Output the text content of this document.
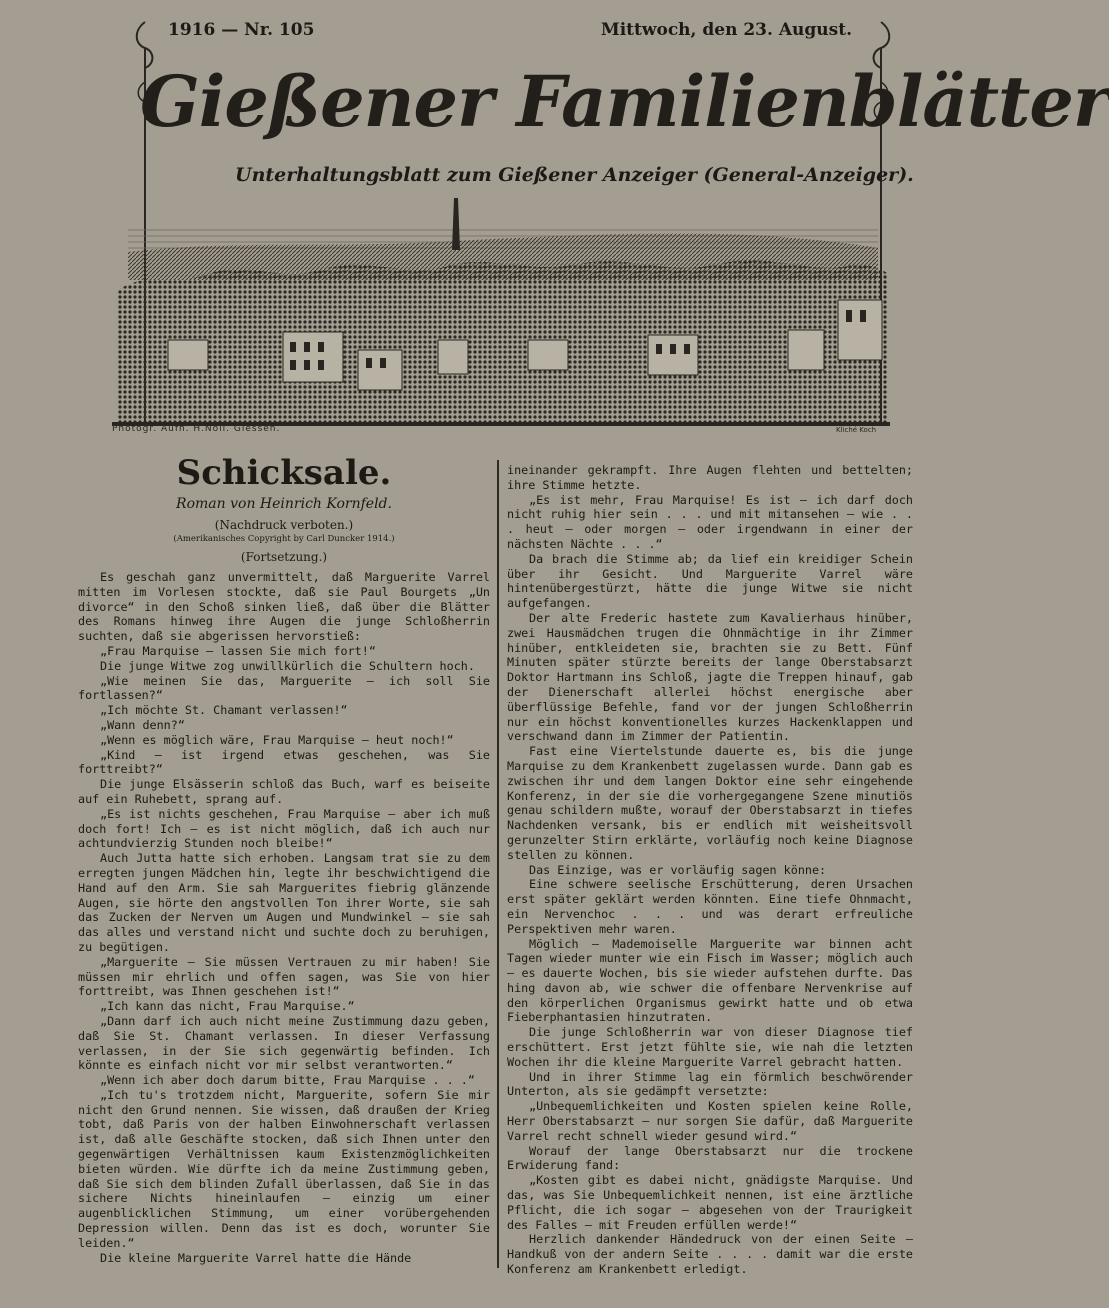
1916 — Nr. 105	Mittwoch, den 23. August.
Gießener Familienblätter
Unterhaltungsblatt zum Gießener Anzeiger (General-Anzeiger).
Photogr. Aufn. H.Noll. Giessen.	Kliché Koch
Schicksale.
Roman von Heinrich Kornfeld.
(Nachdruck verboten.)
(Amerikanisches Copyright by Carl Duncker 1914.)
(Fortsetzung.)

Es geschah ganz unvermittelt, daß Marguerite Varrel mitten im Vorlesen stockte, daß sie Paul Bourgets „Un divorce“ in den Schoß sinken ließ, daß über die Blätter des Romans hinweg ihre Augen die junge Schloßherrin suchten, daß sie abgerissen hervorstieß:

„Frau Marquise — lassen Sie mich fort!“

Die junge Witwe zog unwillkürlich die Schultern hoch.

„Wie meinen Sie das, Marguerite — ich soll Sie fortlassen?“

„Ich möchte St. Chamant verlassen!“

„Wann denn?“

„Wenn es möglich wäre, Frau Marquise — heut noch!“

„Kind — ist irgend etwas geschehen, was Sie forttreibt?“

Die junge Elsässerin schloß das Buch, warf es beiseite auf ein Ruhebett, sprang auf.

„Es ist nichts geschehen, Frau Marquise — aber ich muß doch fort! Ich — es ist nicht möglich, daß ich auch nur achtundvierzig Stunden noch bleibe!“

Auch Jutta hatte sich erhoben. Langsam trat sie zu dem erregten jungen Mädchen hin, legte ihr beschwichtigend die Hand auf den Arm. Sie sah Marguerites fiebrig glänzende Augen, sie hörte den angstvollen Ton ihrer Worte, sie sah das Zucken der Nerven um Augen und Mundwinkel — sie sah das alles und verstand nicht und suchte doch zu beruhigen, zu begütigen.

„Marguerite — Sie müssen Vertrauen zu mir haben! Sie müssen mir ehrlich und offen sagen, was Sie von hier forttreibt, was Ihnen geschehen ist!“

„Ich kann das nicht, Frau Marquise.“

„Dann darf ich auch nicht meine Zustimmung dazu geben, daß Sie St. Chamant verlassen. In dieser Verfassung verlassen, in der Sie sich gegenwärtig befinden. Ich könnte es einfach nicht vor mir selbst verantworten.“

„Wenn ich aber doch darum bitte, Frau Marquise . . .“

„Ich tu's trotzdem nicht, Marguerite, sofern Sie mir nicht den Grund nennen. Sie wissen, daß draußen der Krieg tobt, daß Paris von der halben Einwohnerschaft verlassen ist, daß alle Geschäfte stocken, daß sich Ihnen unter den gegenwärtigen Verhältnissen kaum Existenzmöglichkeiten bieten würden. Wie dürfte ich da meine Zustimmung geben, daß Sie sich dem blinden Zufall überlassen, daß Sie in das sichere Nichts hineinlaufen — einzig um einer augenblicklichen Stimmung, um einer vorübergehenden Depression willen. Denn das ist es doch, worunter Sie leiden.“

Die kleine Marguerite Varrel hatte die Hände

ineinander gekrampft. Ihre Augen flehten und bettelten; ihre Stimme hetzte.

„Es ist mehr, Frau Marquise! Es ist — ich darf doch nicht ruhig hier sein . . . und mit mitansehen — wie . . . heut — oder morgen — oder irgendwann in einer der nächsten Nächte . . .“

Da brach die Stimme ab; da lief ein kreidiger Schein über ihr Gesicht. Und Marguerite Varrel wäre hintenübergestürzt, hätte die junge Witwe sie nicht aufgefangen.

Der alte Frederic hastete zum Kavalierhaus hinüber, zwei Hausmädchen trugen die Ohnmächtige in ihr Zimmer hinüber, entkleideten sie, brachten sie zu Bett. Fünf Minuten später stürzte bereits der lange Oberstabsarzt Doktor Hartmann ins Schloß, jagte die Treppen hinauf, gab der Dienerschaft allerlei höchst energische aber überflüssige Befehle, fand vor der jungen Schloßherrin nur ein höchst konventionelles kurzes Hackenklappen und verschwand dann im Zimmer der Patientin.

Fast eine Viertelstunde dauerte es, bis die junge Marquise zu dem Krankenbett zugelassen wurde. Dann gab es zwischen ihr und dem langen Doktor eine sehr eingehende Konferenz, in der sie die vorhergegangene Szene minutiös genau schildern mußte, worauf der Oberstabsarzt in tiefes Nachdenken versank, bis er endlich mit weisheitsvoll gerunzelter Stirn erklärte, vorläufig noch keine Diagnose stellen zu können.

Das Einzige, was er vorläufig sagen könne:

Eine schwere seelische Erschütterung, deren Ursachen erst später geklärt werden könnten. Eine tiefe Ohnmacht, ein Nervenchoc . . . und was derart erfreuliche Perspektiven mehr waren.

Möglich — Mademoiselle Marguerite war binnen acht Tagen wieder munter wie ein Fisch im Wasser; möglich auch — es dauerte Wochen, bis sie wieder aufstehen durfte. Das hing davon ab, wie schwer die offenbare Nervenkrise auf den körperlichen Organismus gewirkt hatte und ob etwa Fieberphantasien hinzutraten.

Die junge Schloßherrin war von dieser Diagnose tief erschüttert. Erst jetzt fühlte sie, wie nah die letzten Wochen ihr die kleine Marguerite Varrel gebracht hatten.

Und in ihrer Stimme lag ein förmlich beschwörender Unterton, als sie gedämpft versetzte:

„Unbequemlichkeiten und Kosten spielen keine Rolle, Herr Oberstabsarzt — nur sorgen Sie dafür, daß Marguerite Varrel recht schnell wieder gesund wird.“

Worauf der lange Oberstabsarzt nur die trockene Erwiderung fand:

„Kosten gibt es dabei nicht, gnädigste Marquise. Und das, was Sie Unbequemlichkeit nennen, ist eine ärztliche Pflicht, die ich sogar — abgesehen von der Traurigkeit des Falles — mit Freuden erfüllen werde!“

Herzlich dankender Händedruck von der einen Seite — Handkuß von der andern Seite . . . . damit war die erste Konferenz am Krankenbett erledigt.
